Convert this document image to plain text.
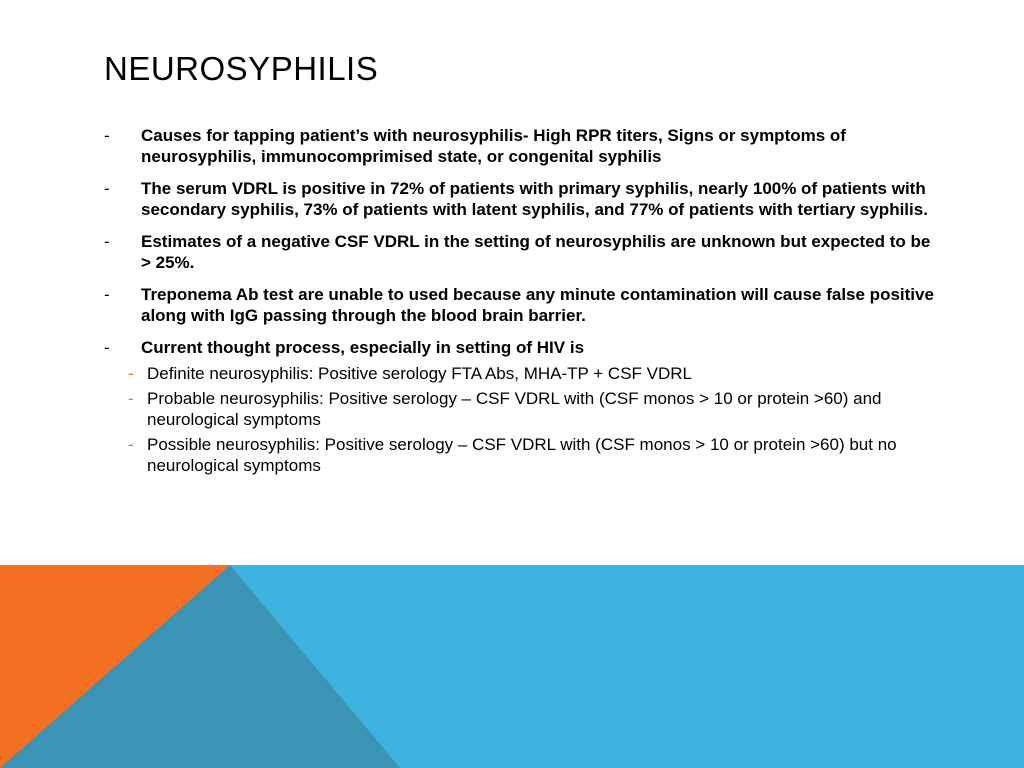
NEUROSYPHILIS
- Causes for tapping patient’s with neurosyphilis- High RPR titers, Signs or symptoms of neurosyphilis, immunocomprimised state, or congenital syphilis
- The serum VDRL is positive in 72% of patients with primary syphilis, nearly 100% of patients with secondary syphilis, 73% of patients with latent syphilis, and 77% of patients with tertiary syphilis.
- Estimates of a negative CSF VDRL in the setting of neurosyphilis are unknown but expected to be > 25%.
- Treponema Ab test are unable to used because any minute contamination will cause false positive along with IgG passing through the blood brain barrier.
- Current thought process, especially in setting of HIV is
- Definite neurosyphilis: Positive serology FTA Abs, MHA-TP + CSF VDRL
- Probable neurosyphilis: Positive serology – CSF VDRL with (CSF monos > 10 or protein >60) and neurological symptoms
- Possible neurosyphilis: Positive serology – CSF VDRL with (CSF monos > 10 or protein >60) but no neurological symptoms
